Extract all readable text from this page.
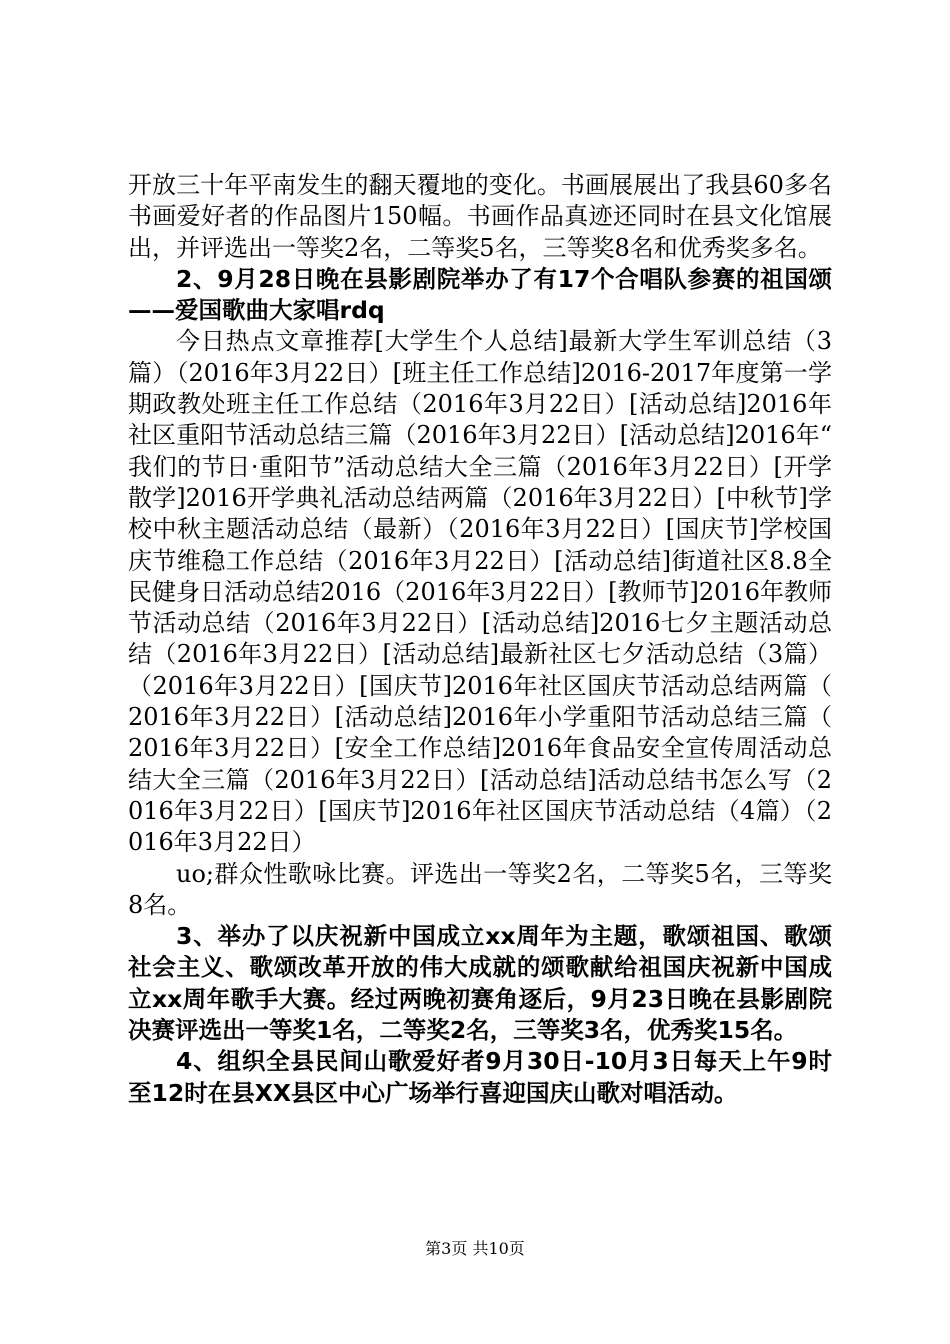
开放三十年平南发生的翻天覆地的变化。书画展展出了我县60多名书画爱好者的作品图片150幅。书画作品真迹还同时在县文化馆展出，并评选出一等奖2名，二等奖5名，三等奖8名和优秀奖多名。

2、9月28日晚在县影剧院举办了有17个合唱队参赛的祖国颂——爱国歌曲大家唱rdq

今日热点文章推荐[大学生个人总结]最新大学生军训总结（3篇）（2016年3月22日）[班主任工作总结]2016-2017年度第一学期政教处班主任工作总结（2016年3月22日）[活动总结]2016年社区重阳节活动总结三篇（2016年3月22日）[活动总结]2016年“我们的节日·重阳节”活动总结大全三篇（2016年3月22日）[开学散学]2016开学典礼活动总结两篇（2016年3月22日）[中秋节]学校中秋主题活动总结（最新）（2016年3月22日）[国庆节]学校国庆节维稳工作总结（2016年3月22日）[活动总结]街道社区8.8全民健身日活动总结2016（2016年3月22日）[教师节]2016年教师节活动总结（2016年3月22日）[活动总结]2016七夕主题活动总结（2016年3月22日）[活动总结]最新社区七夕活动总结（3篇）（2016年3月22日）[国庆节]2016年社区国庆节活动总结两篇（2016年3月22日）[活动总结]2016年小学重阳节活动总结三篇（2016年3月22日）[安全工作总结]2016年食品安全宣传周活动总结大全三篇（2016年3月22日）[活动总结]活动总结书怎么写（2016年3月22日）[国庆节]2016年社区国庆节活动总结（4篇）（2016年3月22日）

uo;群众性歌咏比赛。评选出一等奖2名，二等奖5名，三等奖8名。

3、举办了以庆祝新中国成立xx周年为主题，歌颂祖国、歌颂社会主义、歌颂改革开放的伟大成就的颂歌献给祖国庆祝新中国成立xx周年歌手大赛。经过两晚初赛角逐后，9月23日晚在县影剧院决赛评选出一等奖1名，二等奖2名，三等奖3名，优秀奖15名。

4、组织全县民间山歌爱好者9月30日-10月3日每天上午9时至12时在县XX县区中心广场举行喜迎国庆山歌对唱活动。

第3页 共10页
